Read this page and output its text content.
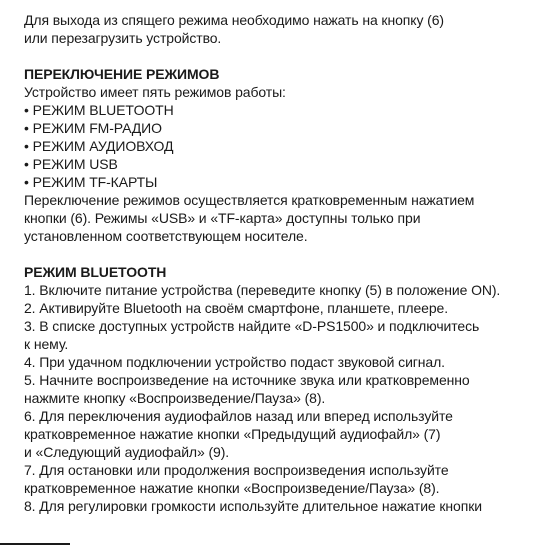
Для выхода из спящего режима необходимо нажать на кнопку (6)
или перезагрузить устройство.
ПЕРЕКЛЮЧЕНИЕ РЕЖИМОВ
Устройство имеет пять режимов работы:
• РЕЖИМ BLUETOOTH
• РЕЖИМ FM-РАДИО
• РЕЖИМ АУДИОВХОД
• РЕЖИМ USB
• РЕЖИМ TF-КАРТЫ
Переключение режимов осуществляется кратковременным нажатием
кнопки (6). Режимы «USB» и «TF-карта» доступны только при
установленном соответствующем носителе.
РЕЖИМ BLUETOOTH
1. Включите питание устройства (переведите кнопку (5) в положение ON).
2. Активируйте Bluetooth на своём смартфоне, планшете, плеере.
3. В списке доступных устройств найдите «D-PS1500» и подключитесь
к нему.
4. При удачном подключении устройство подаст звуковой сигнал.
5. Начните воспроизведение на источнике звука или кратковременно
нажмите кнопку «Воспроизведение/Пауза» (8).
6. Для переключения аудиофайлов назад или вперед используйте
кратковременное нажатие кнопки «Предыдущий аудиофайл» (7)
и «Следующий аудиофайл» (9).
7. Для остановки или продолжения воспроизведения используйте
кратковременное нажатие кнопки «Воспроизведение/Пауза» (8).
8. Для регулировки громкости используйте длительное нажатие кнопки
